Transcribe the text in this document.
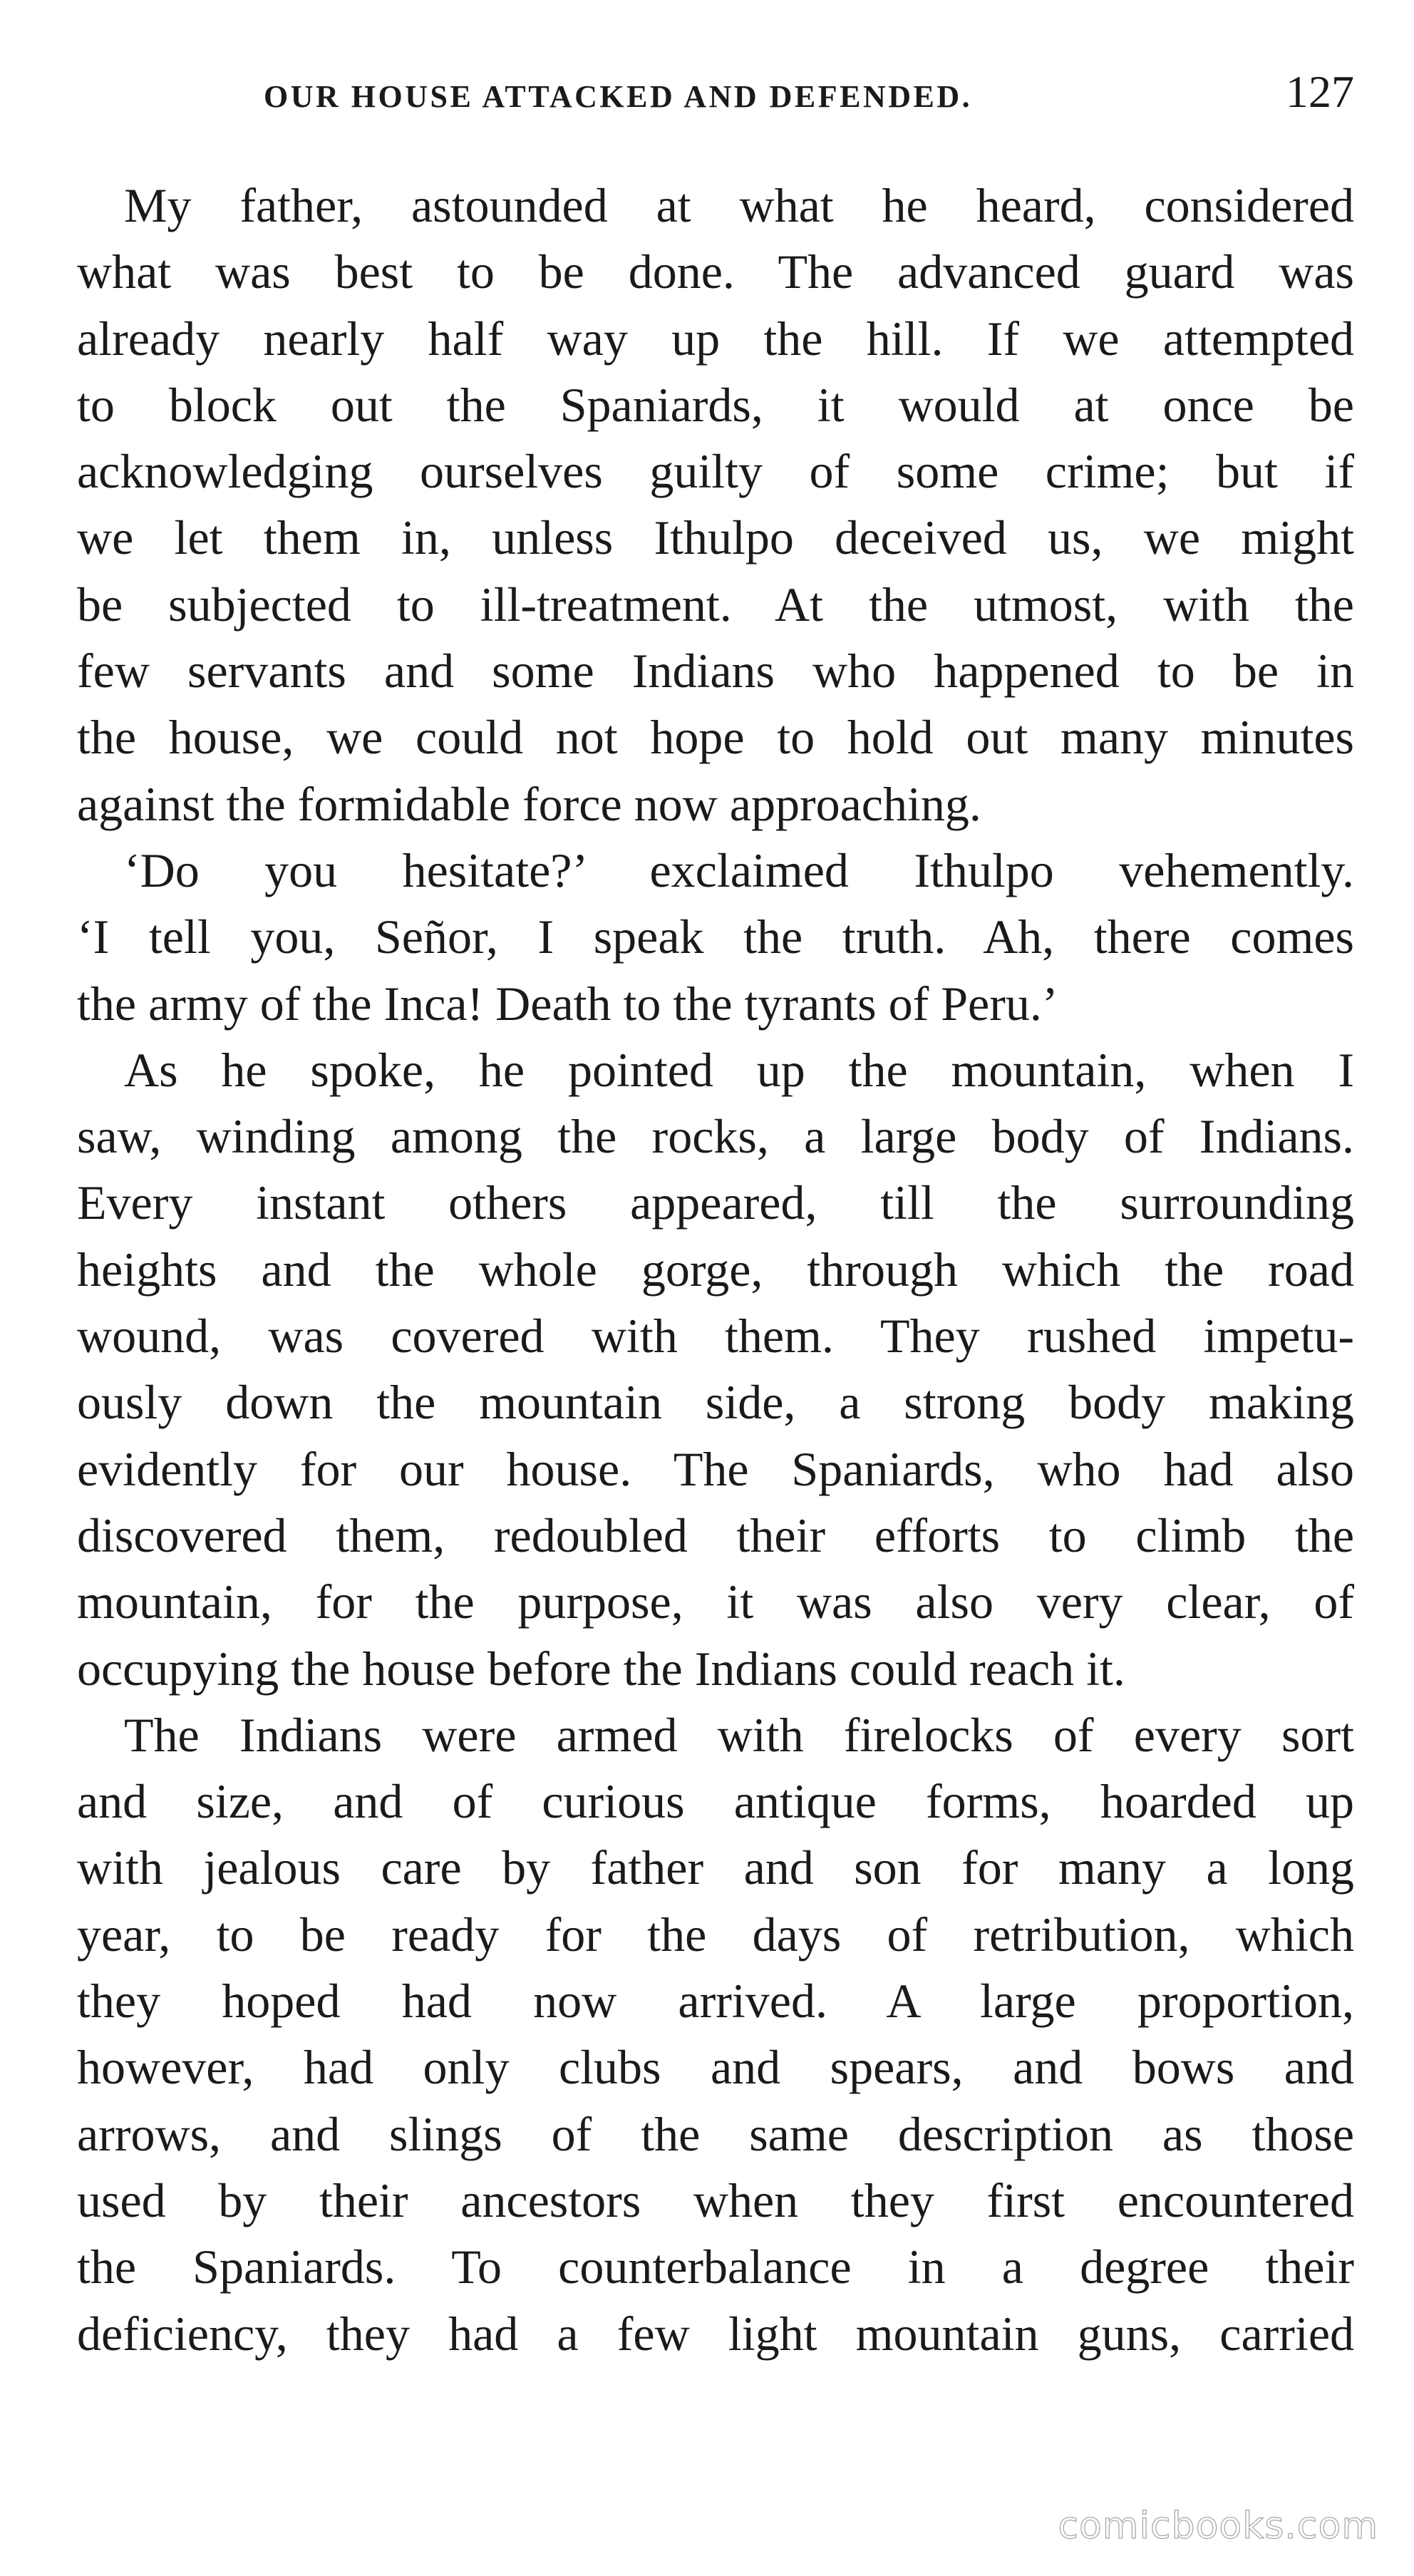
OUR HOUSE ATTACKED AND DEFENDED.	127
My father, astounded at what he heard, considered
what was best to be done. The advanced guard was
already nearly half way up the hill. If we attempted
to block out the Spaniards, it would at once be
acknowledging ourselves guilty of some crime; but if
we let them in, unless Ithulpo deceived us, we might
be subjected to ill-treatment. At the utmost, with the
few servants and some Indians who happened to be in
the house, we could not hope to hold out many minutes
against the formidable force now approaching.
‘Do you hesitate?’ exclaimed Ithulpo vehemently.
‘I tell you, Señor, I speak the truth. Ah, there comes
the army of the Inca! Death to the tyrants of Peru.’
As he spoke, he pointed up the mountain, when I
saw, winding among the rocks, a large body of Indians.
Every instant others appeared, till the surrounding
heights and the whole gorge, through which the road
wound, was covered with them. They rushed impetu-
ously down the mountain side, a strong body making
evidently for our house. The Spaniards, who had also
discovered them, redoubled their efforts to climb the
mountain, for the purpose, it was also very clear, of
occupying the house before the Indians could reach it.
The Indians were armed with firelocks of every sort
and size, and of curious antique forms, hoarded up
with jealous care by father and son for many a long
year, to be ready for the days of retribution, which
they hoped had now arrived. A large proportion,
however, had only clubs and spears, and bows and
arrows, and slings of the same description as those
used by their ancestors when they first encountered
the Spaniards. To counterbalance in a degree their
deficiency, they had a few light mountain guns, carried
comicbooks.com
